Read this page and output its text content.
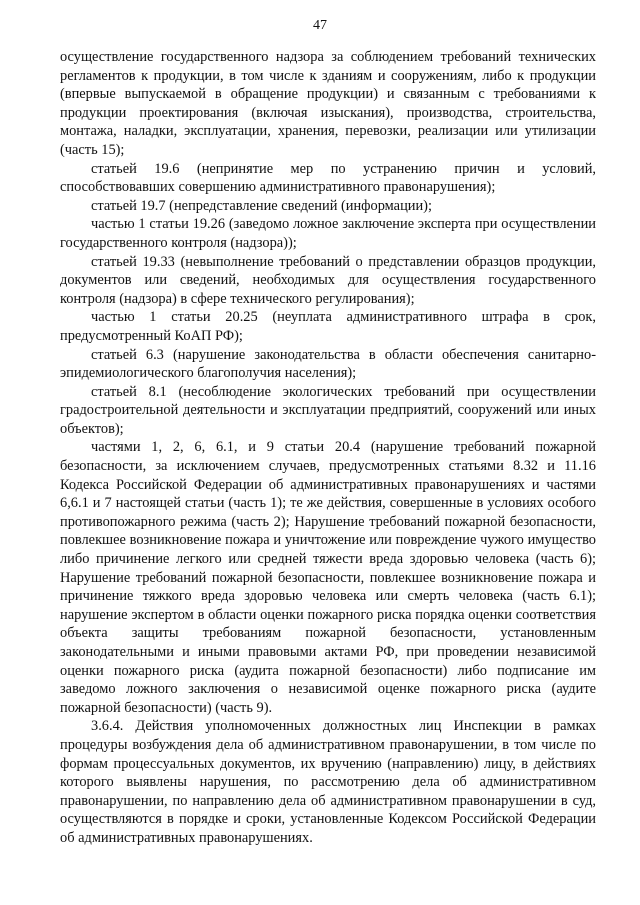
47

осуществление государственного надзора за соблюдением требований технических регламентов к продукции, в том числе к зданиям и сооружениям, либо к продукции (впервые выпускаемой в обращение продукции) и связанным с требованиями к продукции проектирования (включая изыскания), производства, строительства, монтажа, наладки, эксплуатации, хранения, перевозки, реализации или утилизации (часть 15);

статьей 19.6 (непринятие мер по устранению причин и условий, способствовавших совершению административного правонарушения);

статьей 19.7 (непредставление сведений (информации);

частью 1 статьи 19.26 (заведомо ложное заключение эксперта при осуществлении государственного контроля (надзора));

статьей 19.33 (невыполнение требований о представлении образцов продукции, документов или сведений, необходимых для осуществления государственного контроля (надзора) в сфере технического регулирования);

частью 1 статьи 20.25 (неуплата административного штрафа в срок, предусмотренный КоАП РФ);

статьей 6.3 (нарушение законодательства в области обеспечения санитарно-эпидемиологического благополучия населения);

статьей 8.1 (несоблюдение экологических требований при осуществлении градостроительной деятельности и эксплуатации предприятий, сооружений или иных объектов);

частями 1, 2, 6, 6.1, и 9 статьи 20.4 (нарушение требований пожарной безопасности, за исключением случаев, предусмотренных статьями 8.32 и 11.16 Кодекса Российской Федерации об административных правонарушениях и частями 6,6.1 и 7 настоящей статьи (часть 1); те же действия, совершенные в условиях особого противопожарного режима (часть 2); Нарушение требований пожарной безопасности, повлекшее возникновение пожара и уничтожение или повреждение чужого имущество либо причинение легкого или средней тяжести вреда здоровью человека (часть 6); Нарушение требований пожарной безопасности, повлекшее возникновение пожара и причинение тяжкого вреда здоровью человека или смерть человека (часть 6.1); нарушение экспертом в области оценки пожарного риска порядка оценки соответствия объекта защиты требованиям пожарной безопасности, установленным законодательными и иными правовыми актами РФ, при проведении независимой оценки пожарного риска (аудита пожарной безопасности) либо подписание им заведомо ложного заключения о независимой оценке пожарного риска (аудите пожарной безопасности) (часть 9).

3.6.4. Действия уполномоченных должностных лиц Инспекции в рамках процедуры возбуждения дела об административном правонарушении, в том числе по формам процессуальных документов, их вручению (направлению) лицу, в действиях которого выявлены нарушения, по рассмотрению дела об административном правонарушении, по направлению дела об административном правонарушении в суд, осуществляются в порядке и сроки, установленные Кодексом Российской Федерации об административных правонарушениях.
